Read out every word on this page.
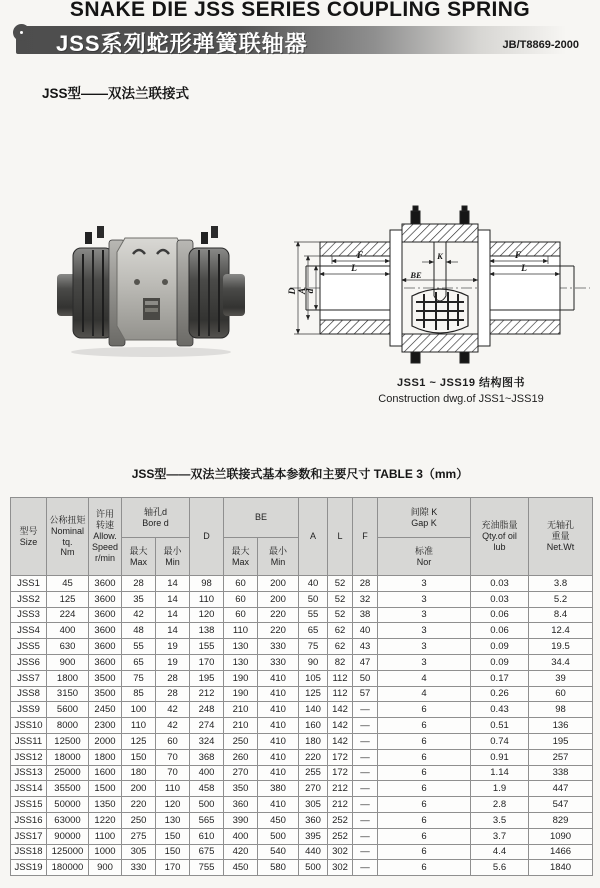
SNAKE DIE JSS SERIES COUPLING SPRING
JSS系列蛇形弹簧联轴器	JB/T8869-2000
JSS型——双法兰联接式
D A
d
F
L
F
L
K
BE
JSS1 ~ JSS19 结构图书
Construction dwg.of JSS1~JSS19
JSS型——双法兰联接式基本参数和主要尺寸 TABLE 3（mm）
型号
Size	公称扭矩
Nominal
tq.
Nm	许用
转速
Allow.
Speed
r/min	轴孔d
Bore d		D	BE		A	L	F	间隙 K
Gap K	充油脂量
Qty.of oil
lub	无轴孔
重量
Net.Wt

			最大
Max	最小
Min		最大
Max	最小
Min				标准
Nor		

JSS1	45	3600	28	14	98	60	200	40	52	28	3	0.03	3.8
JSS2	125	3600	35	14	110	60	200	50	52	32	3	0.03	5.2
JSS3	224	3600	42	14	120	60	220	55	52	38	3	0.06	8.4
JSS4	400	3600	48	14	138	110	220	65	62	40	3	0.06	12.4
JSS5	630	3600	55	19	155	130	330	75	62	43	3	0.09	19.5
JSS6	900	3600	65	19	170	130	330	90	82	47	3	0.09	34.4
JSS7	1800	3500	75	28	195	190	410	105	112	50	4	0.17	39
JSS8	3150	3500	85	28	212	190	410	125	112	57	4	0.26	60
JSS9	5600	2450	100	42	248	210	410	140	142	—	6	0.43	98
JSS10	8000	2300	110	42	274	210	410	160	142	—	6	0.51	136
JSS11	12500	2000	125	60	324	250	410	180	142	—	6	0.74	195
JSS12	18000	1800	150	70	368	260	410	220	172	—	6	0.91	257
JSS13	25000	1600	180	70	400	270	410	255	172	—	6	1.14	338
JSS14	35500	1500	200	110	458	350	380	270	212	—	6	1.9	447
JSS15	50000	1350	220	120	500	360	410	305	212	—	6	2.8	547
JSS16	63000	1220	250	130	565	390	450	360	252	—	6	3.5	829
JSS17	90000	1100	275	150	610	400	500	395	252	—	6	3.7	1090
JSS18	125000	1000	305	150	675	420	540	440	302	—	6	4.4	1466
JSS19	180000	900	330	170	755	450	580	500	302	—	6	5.6	1840
